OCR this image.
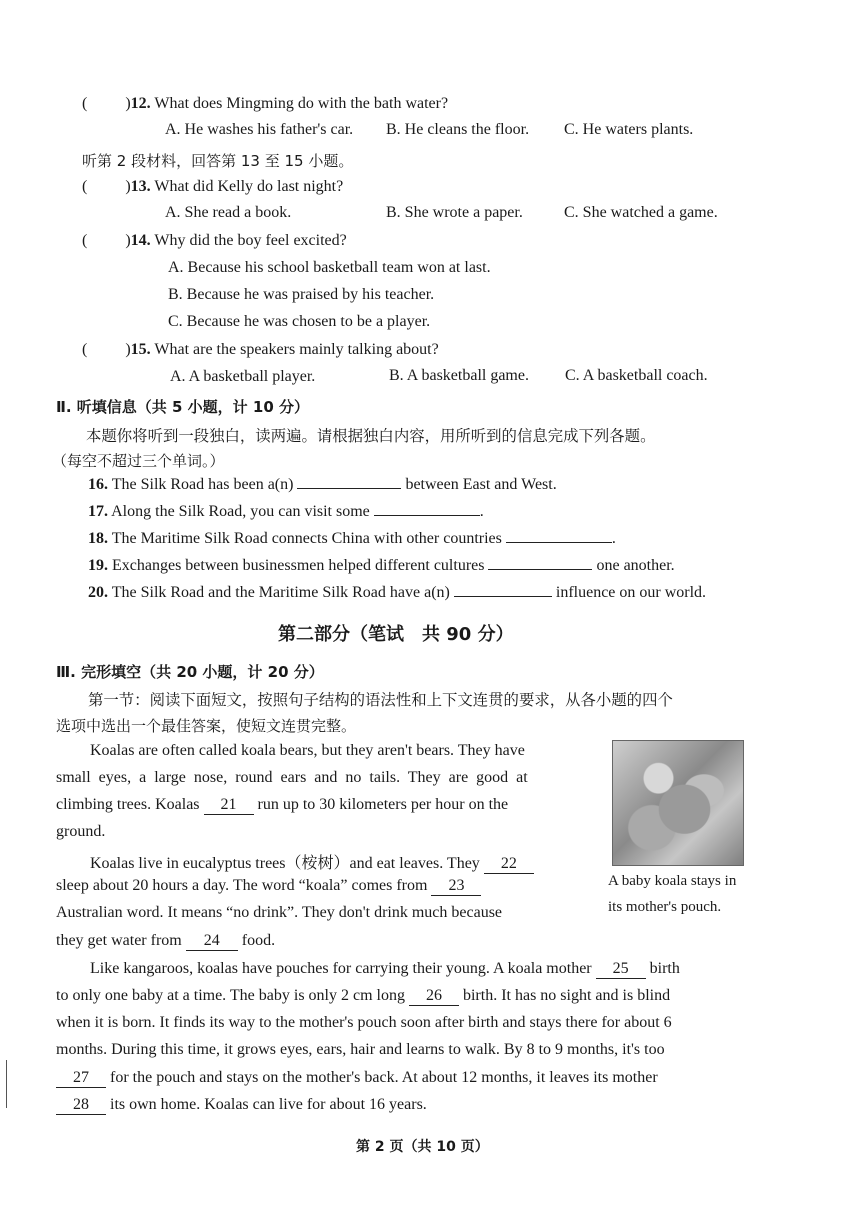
( )12. What does Mingming do with the bath water?
A. He washes his father's car. B. He cleans the floor. C. He waters plants.
听第 2 段材料，回答第 13 至 15 小题。
( )13. What did Kelly do last night?
A. She read a book.	B. She wrote a paper.	C. She watched a game.
( )14. Why did the boy feel excited?
A. Because his school basketball team won at last.
B. Because he was praised by his teacher.
C. Because he was chosen to be a player.
( )15. What are the speakers mainly talking about?
A. A basketball player.	B. A basketball game. C. A basketball coach.
Ⅱ. 听填信息（共 5 小题，计 10 分）
本题你将听到一段独白，读两遍。请根据独白内容，用所听到的信息完成下列各题。
（每空不超过三个单词。）
16. The Silk Road has been a(n)	between East and West.
17. Along the Silk Road, you can visit some	.
18. The Maritime Silk Road connects China with other countries	.
19. Exchanges between businessmen helped different cultures	one another.
20. The Silk Road and the Maritime Silk Road have a(n)	influence on our world.
第二部分（笔试　共 90 分）
Ⅲ. 完形填空（共 20 小题，计 20 分）
第一节：阅读下面短文，按照句子结构的语法性和上下文连贯的要求，从各小题的四个
选项中选出一个最佳答案，使短文连贯完整。
Koalas are often called koala bears, but they aren't bears. They have
small eyes, a large nose, round ears and no tails. They are good at
climbing trees. Koalas 21 run up to 30 kilometers per hour on the
ground.
Koalas live in eucalyptus trees（桉树）and eat leaves. They 22
sleep about 20 hours a day. The word “koala” comes from 23
Australian word. It means “no drink”. They don't drink much because
they get water from 24 food.
A baby koala stays in
its mother's pouch.
Like kangaroos, koalas have pouches for carrying their young. A koala mother 25 birth
to only one baby at a time. The baby is only 2 cm long 26 birth. It has no sight and is blind
when it is born. It finds its way to the mother's pouch soon after birth and stays there for about 6
months. During this time, it grows eyes, ears, hair and learns to walk. By 8 to 9 months, it's too
27 for the pouch and stays on the mother's back. At about 12 months, it leaves its mother
28 its own home. Koalas can live for about 16 years.
第 2 页（共 10 页）
